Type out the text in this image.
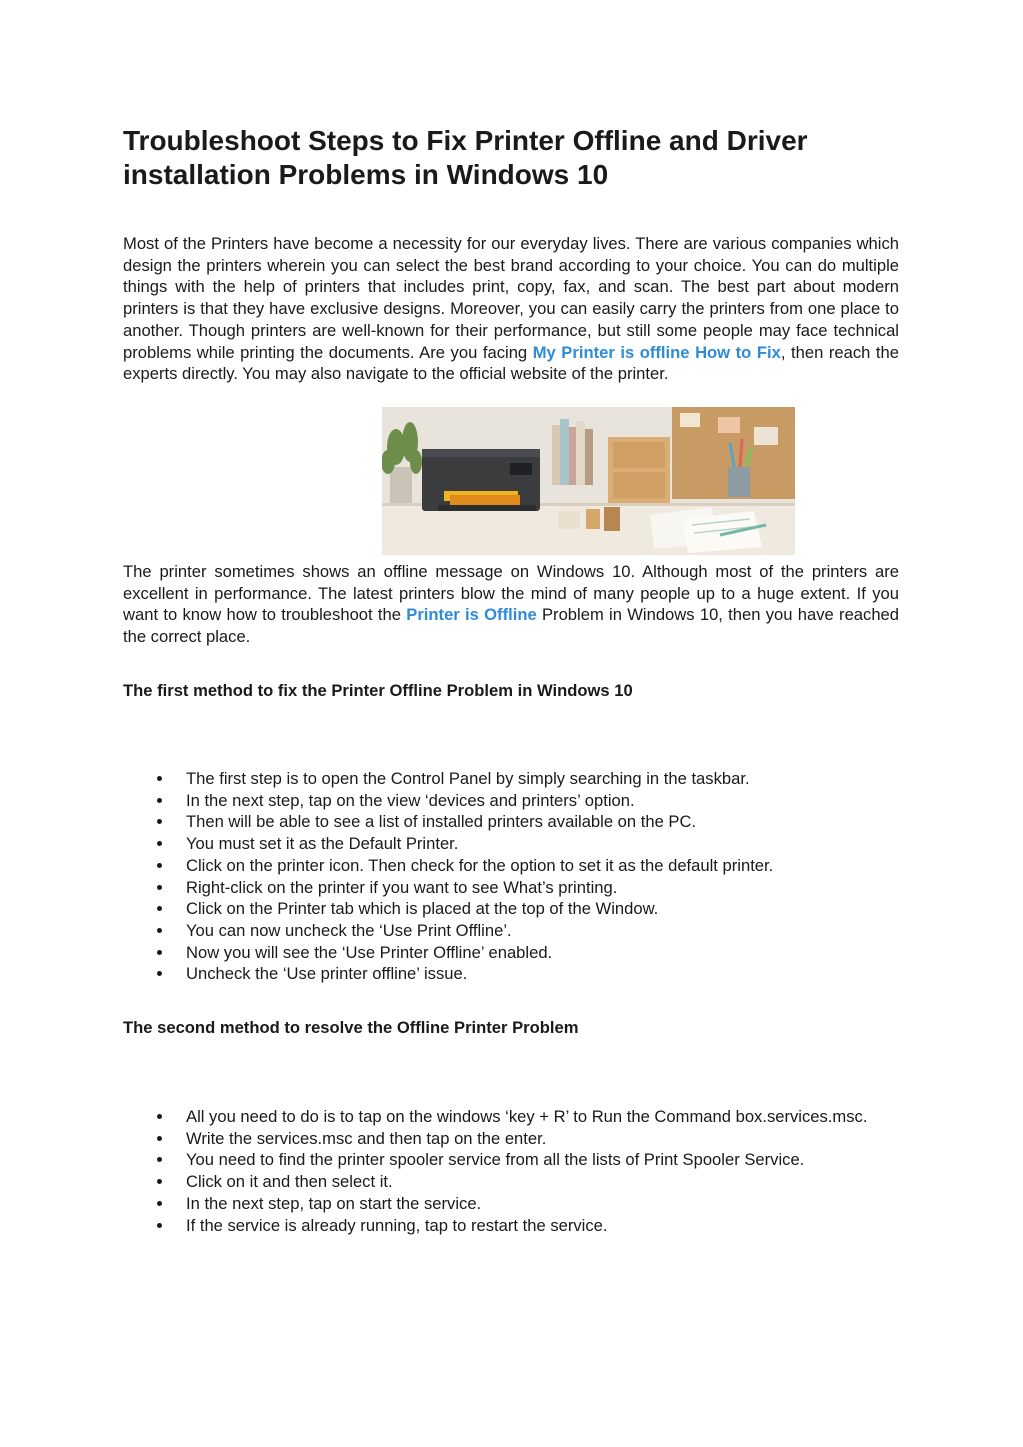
Troubleshoot Steps to Fix Printer Offline and Driver installation Problems in Windows 10

Most of the Printers have become a necessity for our everyday lives. There are various companies which design the printers wherein you can select the best brand according to your choice. You can do multiple things with the help of printers that includes print, copy, fax, and scan. The best part about modern printers is that they have exclusive designs. Moreover, you can easily carry the printers from one place to another. Though printers are well-known for their performance, but still some people may face technical problems while printing the documents. Are you facing My Printer is offline How to Fix, then reach the experts directly. You may also navigate to the official website of the printer.

The printer sometimes shows an offline message on Windows 10. Although most of the printers are excellent in performance. The latest printers blow the mind of many people up to a huge extent. If you want to know how to troubleshoot the Printer is Offline Problem in Windows 10, then you have reached the correct place.

The first method to fix the Printer Offline Problem in Windows 10
The first step is to open the Control Panel by simply searching in the taskbar.
In the next step, tap on the view ‘devices and printers’ option.
Then will be able to see a list of installed printers available on the PC.
You must set it as the Default Printer.
Click on the printer icon. Then check for the option to set it as the default printer.
Right-click on the printer if you want to see What’s printing.
Click on the Printer tab which is placed at the top of the Window.
You can now uncheck the ‘Use Print Offline’.
Now you will see the ‘Use Printer Offline’ enabled.
Uncheck the ‘Use printer offline’ issue.
The second method to resolve the Offline Printer Problem
All you need to do is to tap on the windows ‘key + R’ to Run the Command box.services.msc.
Write the services.msc and then tap on the enter.
You need to find the printer spooler service from all the lists of Print Spooler Service.
Click on it and then select it.
In the next step, tap on start the service.
If the service is already running, tap to restart the service.
